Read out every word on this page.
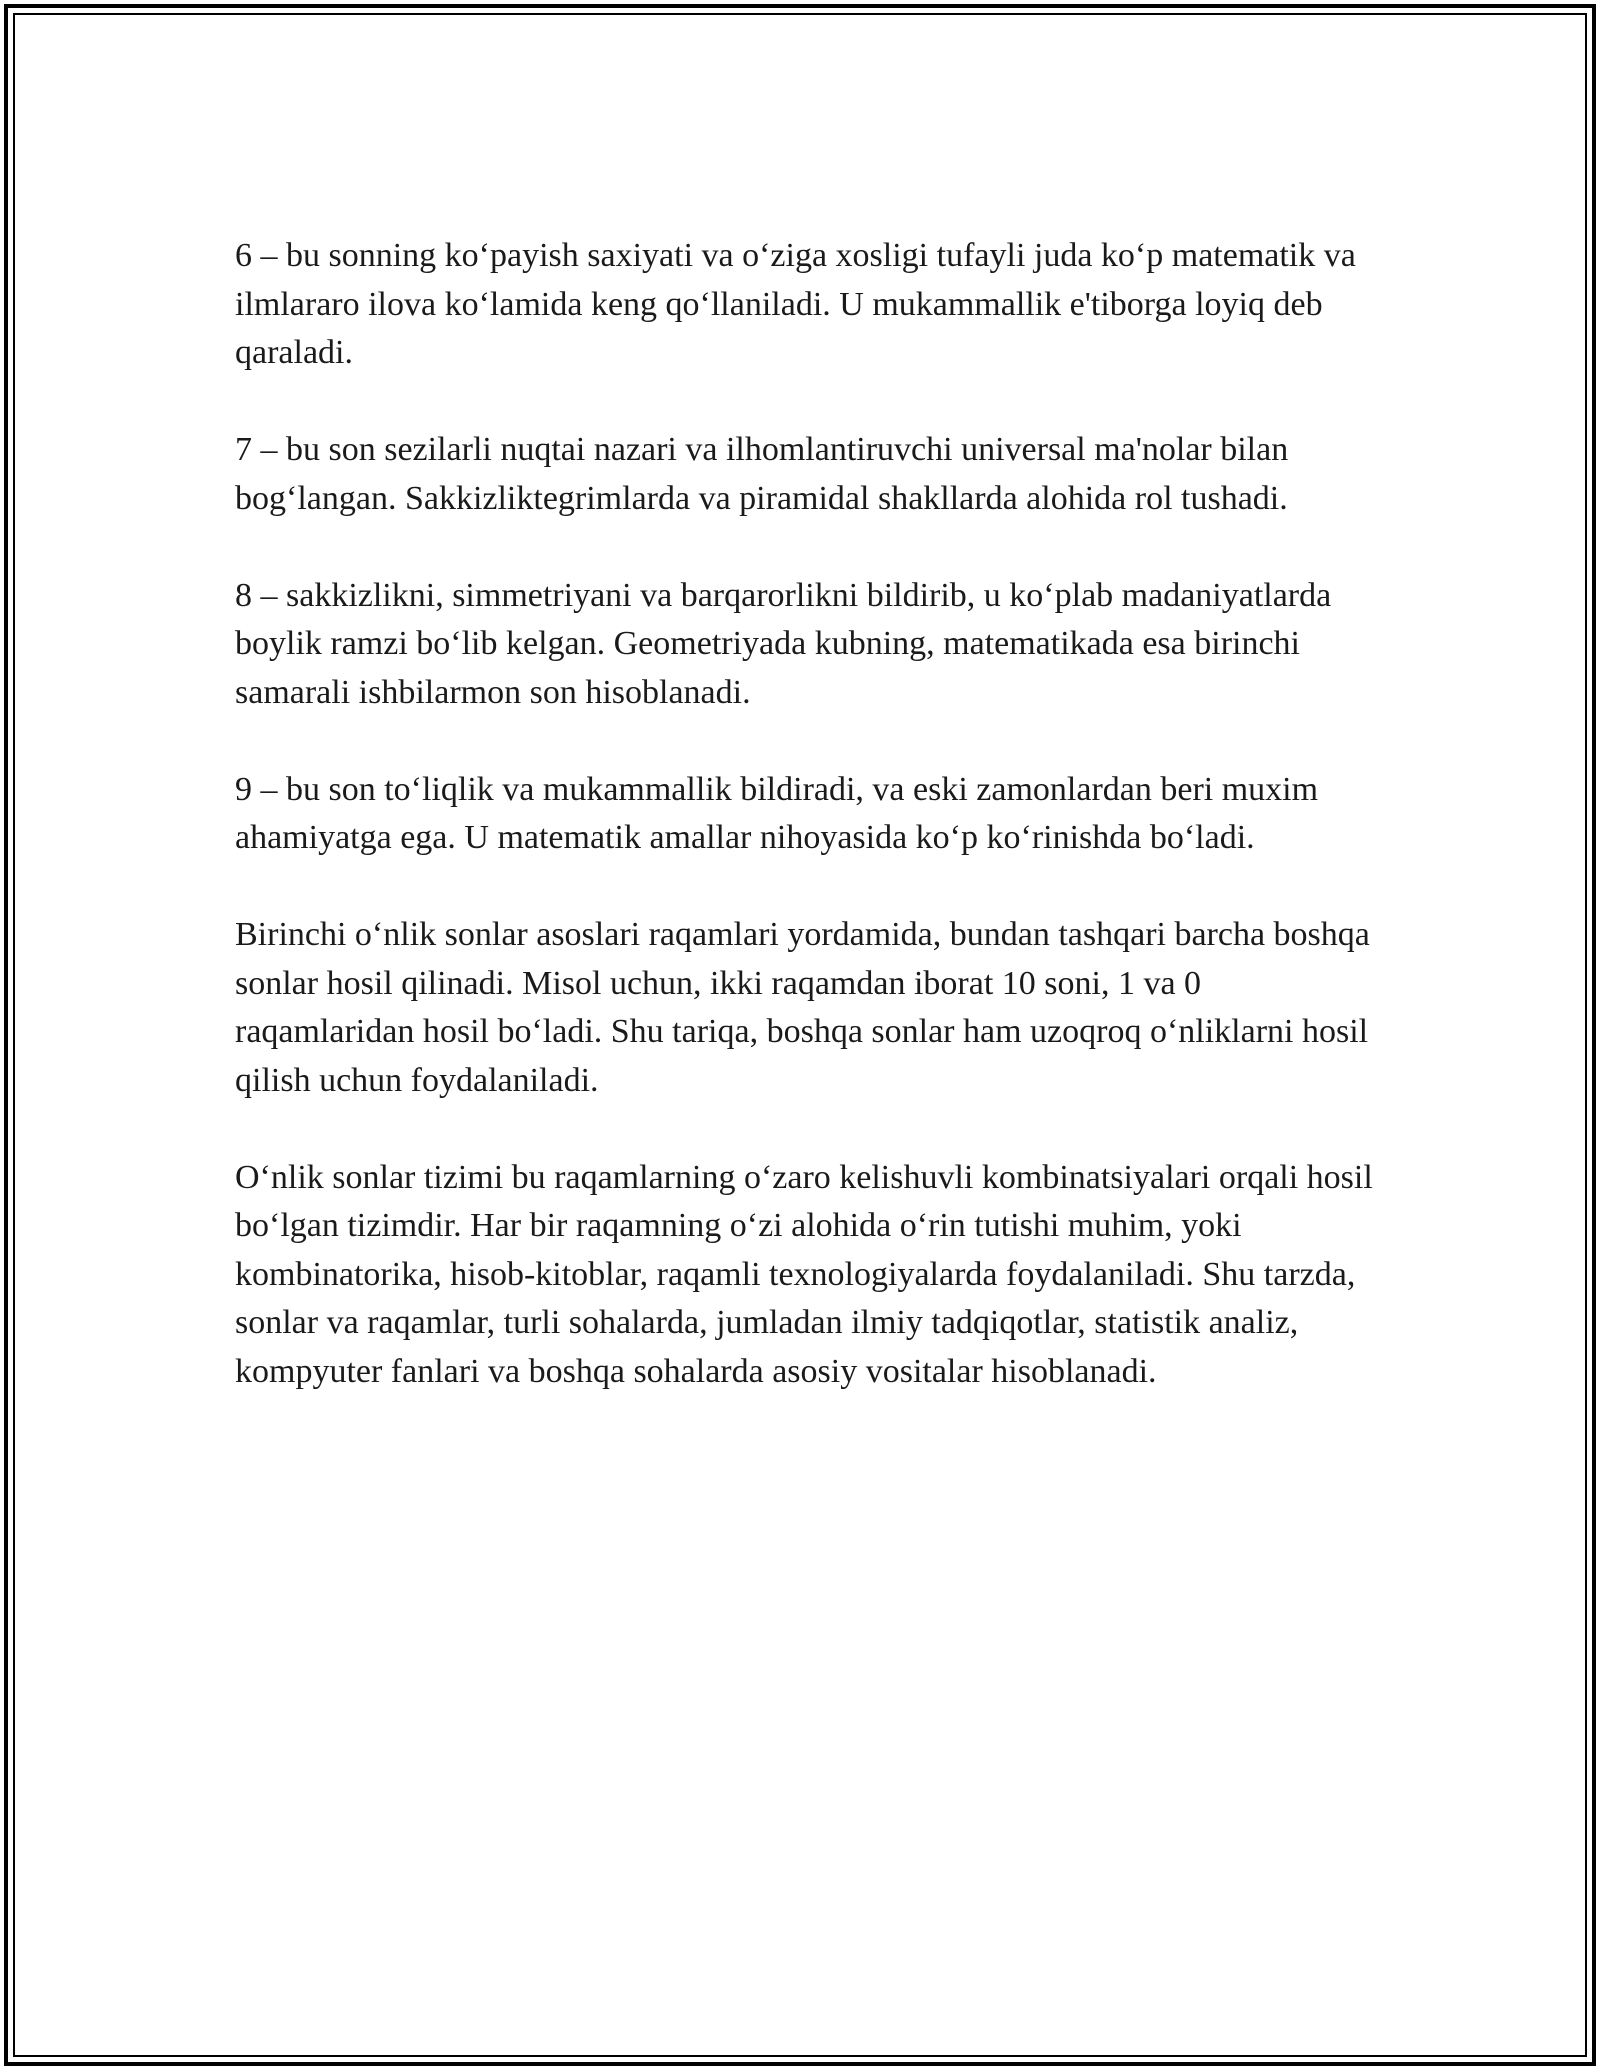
6 – bu sonning ko‘payish saxiyati va o‘ziga xosligi tufayli juda ko‘p matematik va ilmlararo ilova ko‘lamida keng qo‘llaniladi. U mukammallik e'tiborga loyiq deb qaraladi.

7 – bu son sezilarli nuqtai nazari va ilhomlantiruvchi universal ma'nolar bilan bog‘langan. Sakkizliktegrimlarda va piramidal shakllarda alohida rol tushadi.

8 – sakkizlikni, simmetriyani va barqarorlikni bildirib, u ko‘plab madaniyatlarda boylik ramzi bo‘lib kelgan. Geometriyada kubning, matematikada esa birinchi samarali ishbilarmon son hisoblanadi.

9 – bu son to‘liqlik va mukammallik bildiradi, va eski zamonlardan beri muxim ahamiyatga ega. U matematik amallar nihoyasida ko‘p ko‘rinishda bo‘ladi.

Birinchi o‘nlik sonlar asoslari raqamlari yordamida, bundan tashqari barcha boshqa sonlar hosil qilinadi. Misol uchun, ikki raqamdan iborat 10 soni, 1 va 0 raqamlaridan hosil bo‘ladi. Shu tariqa, boshqa sonlar ham uzoqroq o‘nliklarni hosil qilish uchun foydalaniladi.

O‘nlik sonlar tizimi bu raqamlarning o‘zaro kelishuvli kombinatsiyalari orqali hosil bo‘lgan tizimdir. Har bir raqamning o‘zi alohida o‘rin tutishi muhim, yoki kombinatorika, hisob-kitoblar, raqamli texnologiyalarda foydalaniladi. Shu tarzda, sonlar va raqamlar, turli sohalarda, jumladan ilmiy tadqiqotlar, statistik analiz, kompyuter fanlari va boshqa sohalarda asosiy vositalar hisoblanadi.
